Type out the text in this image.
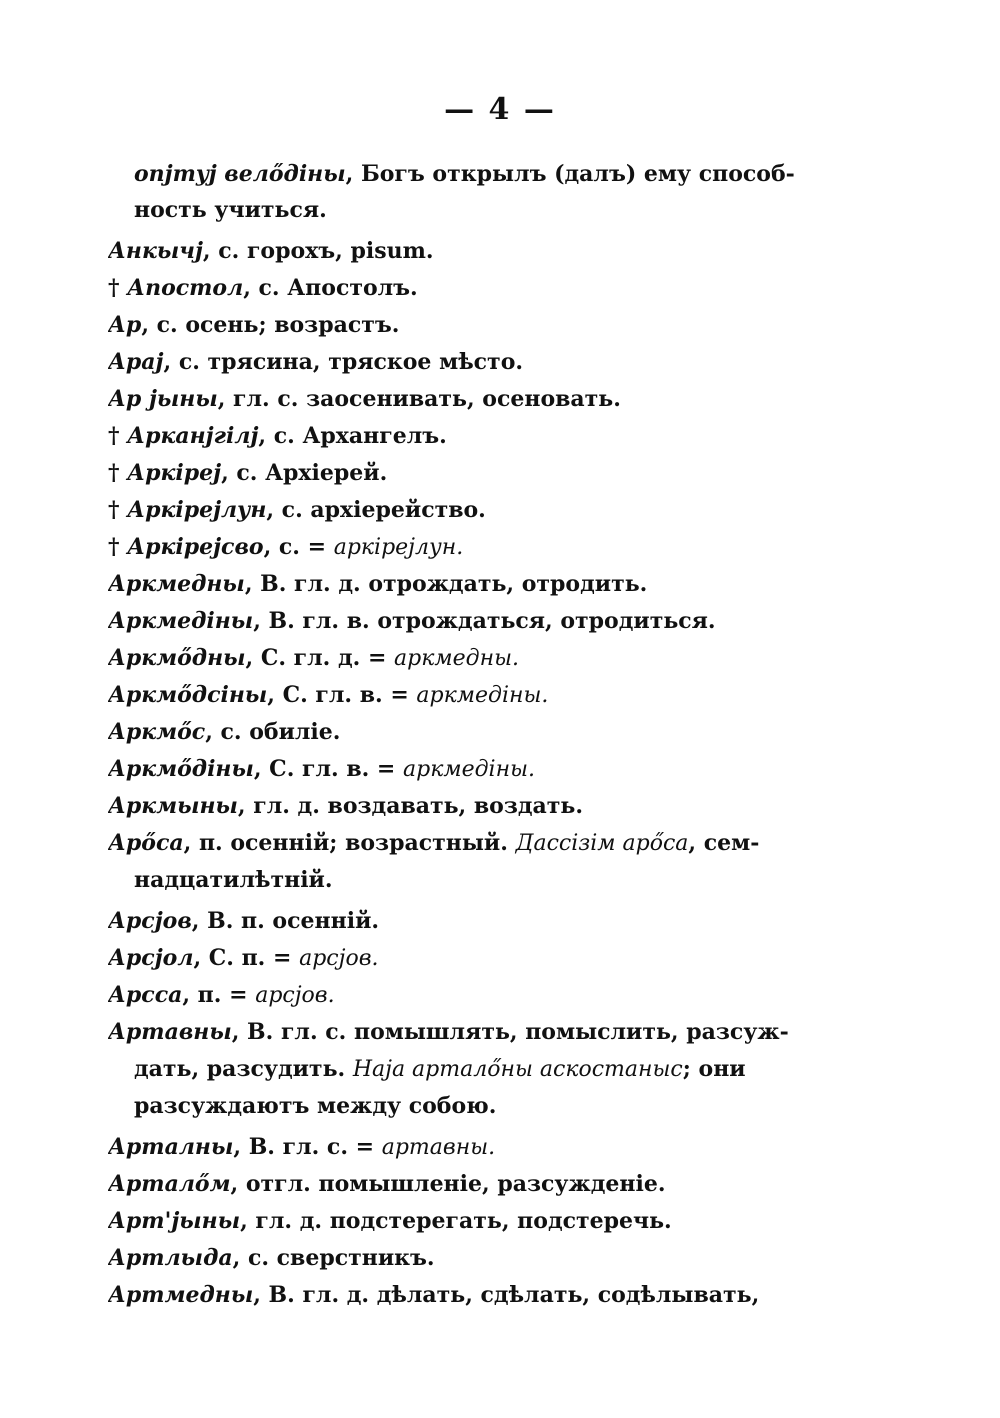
— 4 —
onjmyj велőдiны, Богъ открылъ (далъ) ему способ-
ность учиться.
Анкычj, с. горохъ, pisum.
† Апостол, с. Апостолъ.
Ар, с. осень; возрастъ.
Арaj, с. трясина, тряское мѣсто.
Ар jыны, гл. с. заосенивать, осеновать.
† Арканjгiлj, с. Архангелъ.
† Аркiрej, с. Архiерей.
† Аркiрejлун, с. архiерейство.
† Аркiрejсво, с. = аркiрejлун.
Аркмедны, В. гл. д. отрождать, отродить.
Аркмедiны, В. гл. в. отрождаться, отродиться.
Аркмőдны, С. гл. д. = аркмедны.
Аркмőдсiны, С. гл. в. = аркмедiны.
Аркмőс, с. обилiе.
Аркмőдiны, С. гл. в. = аркмедiны.
Аркмыны, гл. д. воздавать, воздать.
Арőса, п. осеннiй; возрастный. Дассiзiм арőса, сем-
надцатилѣтнiй.
Арсjов, В. п. осеннiй.
Арсjол, С. п. = арсjов.
Арсса, п. = арсjов.
Артавны, В. гл. с. помышлять, помыслить, разсуж-
дать, разсудить. Наjа арталőны аскостаныс; они
разсуждаютъ между собою.
Арталны, В. гл. с. = артавны.
Арталőм, отгл. помышленiе, разсужденiе.
Арт'jыны, гл. д. подстерегать, подстеречь.
Артлыда, с. сверстникъ.
Артмедны, В. гл. д. дѣлать, сдѣлать, содѣлывать,
